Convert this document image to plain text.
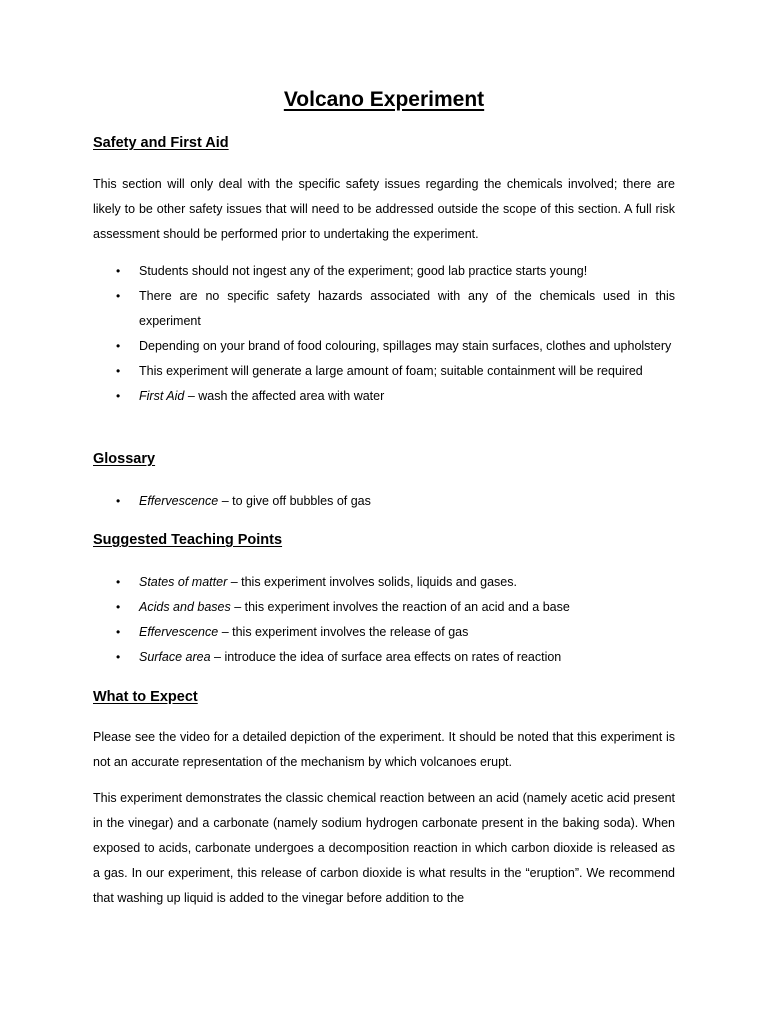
Volcano Experiment
Safety and First Aid

This section will only deal with the specific safety issues regarding the chemicals involved; there are likely to be other safety issues that will need to be addressed outside the scope of this section. A full risk assessment should be performed prior to undertaking the experiment.

• Students should not ingest any of the experiment; good lab practice starts young!
• There are no specific safety hazards associated with any of the chemicals used in this experiment
• Depending on your brand of food colouring, spillages may stain surfaces, clothes and upholstery
• This experiment will generate a large amount of foam; suitable containment will be required
• First Aid – wash the affected area with water
Glossary
• Effervescence – to give off bubbles of gas
Suggested Teaching Points
• States of matter – this experiment involves solids, liquids and gases.
• Acids and bases – this experiment involves the reaction of an acid and a base
• Effervescence – this experiment involves the release of gas
• Surface area – introduce the idea of surface area effects on rates of reaction
What to Expect

Please see the video for a detailed depiction of the experiment. It should be noted that this experiment is not an accurate representation of the mechanism by which volcanoes erupt.

This experiment demonstrates the classic chemical reaction between an acid (namely acetic acid present in the vinegar) and a carbonate (namely sodium hydrogen carbonate present in the baking soda). When exposed to acids, carbonate undergoes a decomposition reaction in which carbon dioxide is released as a gas. In our experiment, this release of carbon dioxide is what results in the “eruption”. We recommend that washing up liquid is added to the vinegar before addition to the
